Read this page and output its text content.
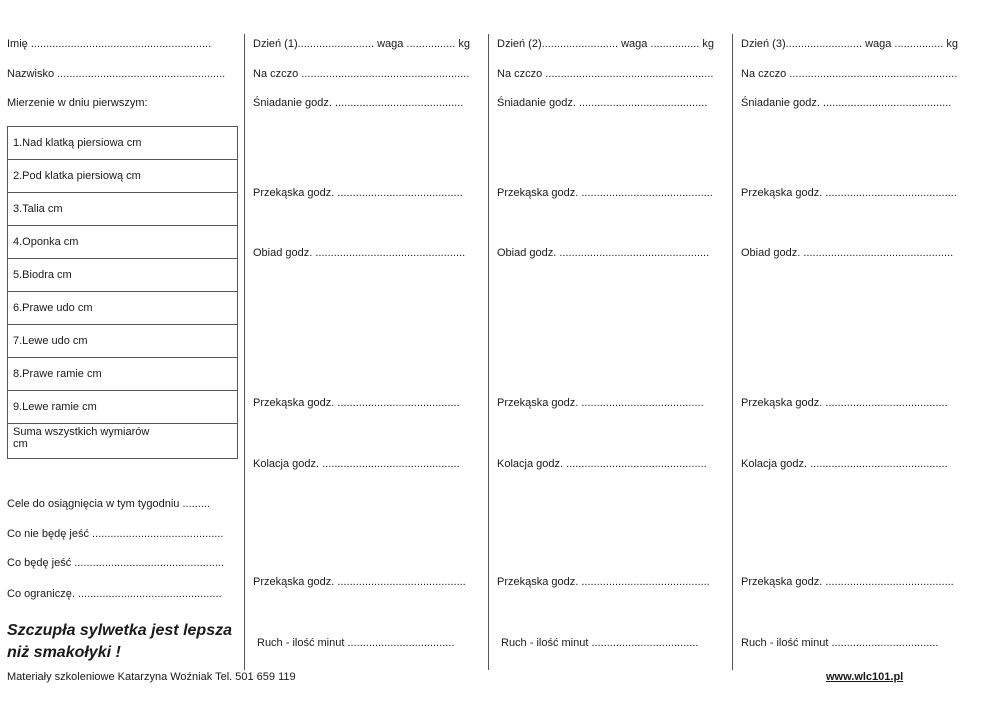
Imię ...........................................................
Nazwisko .......................................................
Mierzenie w dniu pierwszym:
1.Nad klatką piersiowa cm
2.Pod klatka piersiową cm
3.Talia cm
4.Oponka cm
5.Biodra cm
6.Prawe udo cm
7.Lewe udo cm
8.Prawe ramie cm
9.Lewe ramie cm
Suma wszystkich wymiarów
cm
Cele do osiągnięcia w tym tygodniu .........
Co nie będę jeść ...........................................
Co będę jeść .................................................
Co ograniczę. ...............................................
Szczupła sylwetka jest lepsza
niż smakołyki !
Dzień (1)......................... waga ................ kg
Na czczo .......................................................
Śniadanie godz. ..........................................
Przekąska godz. .........................................
Obiad godz. .................................................
Przekąska godz. ........................................
Kolacja godz. .............................................
Przekąska godz. ..........................................
Ruch - ilość minut ...................................
Dzień (2)......................... waga ................ kg
Na czczo .......................................................
Śniadanie godz. ..........................................
Przekąska godz. ...........................................
Obiad godz. .................................................
Przekąska godz. ........................................
Kolacja godz. ..............................................
Przekąska godz. ..........................................
Ruch - ilość minut ...................................
Dzień (3)......................... waga ................ kg
Na czczo .......................................................
Śniadanie godz. ..........................................
Przekąska godz. ...........................................
Obiad godz. .................................................
Przekąska godz. ........................................
Kolacja godz. .............................................
Przekąska godz. ..........................................
Ruch - ilość minut ...................................
Materiały szkoleniowe Katarzyna Woźniak Tel. 501 659 119	www.wlc101.pl
